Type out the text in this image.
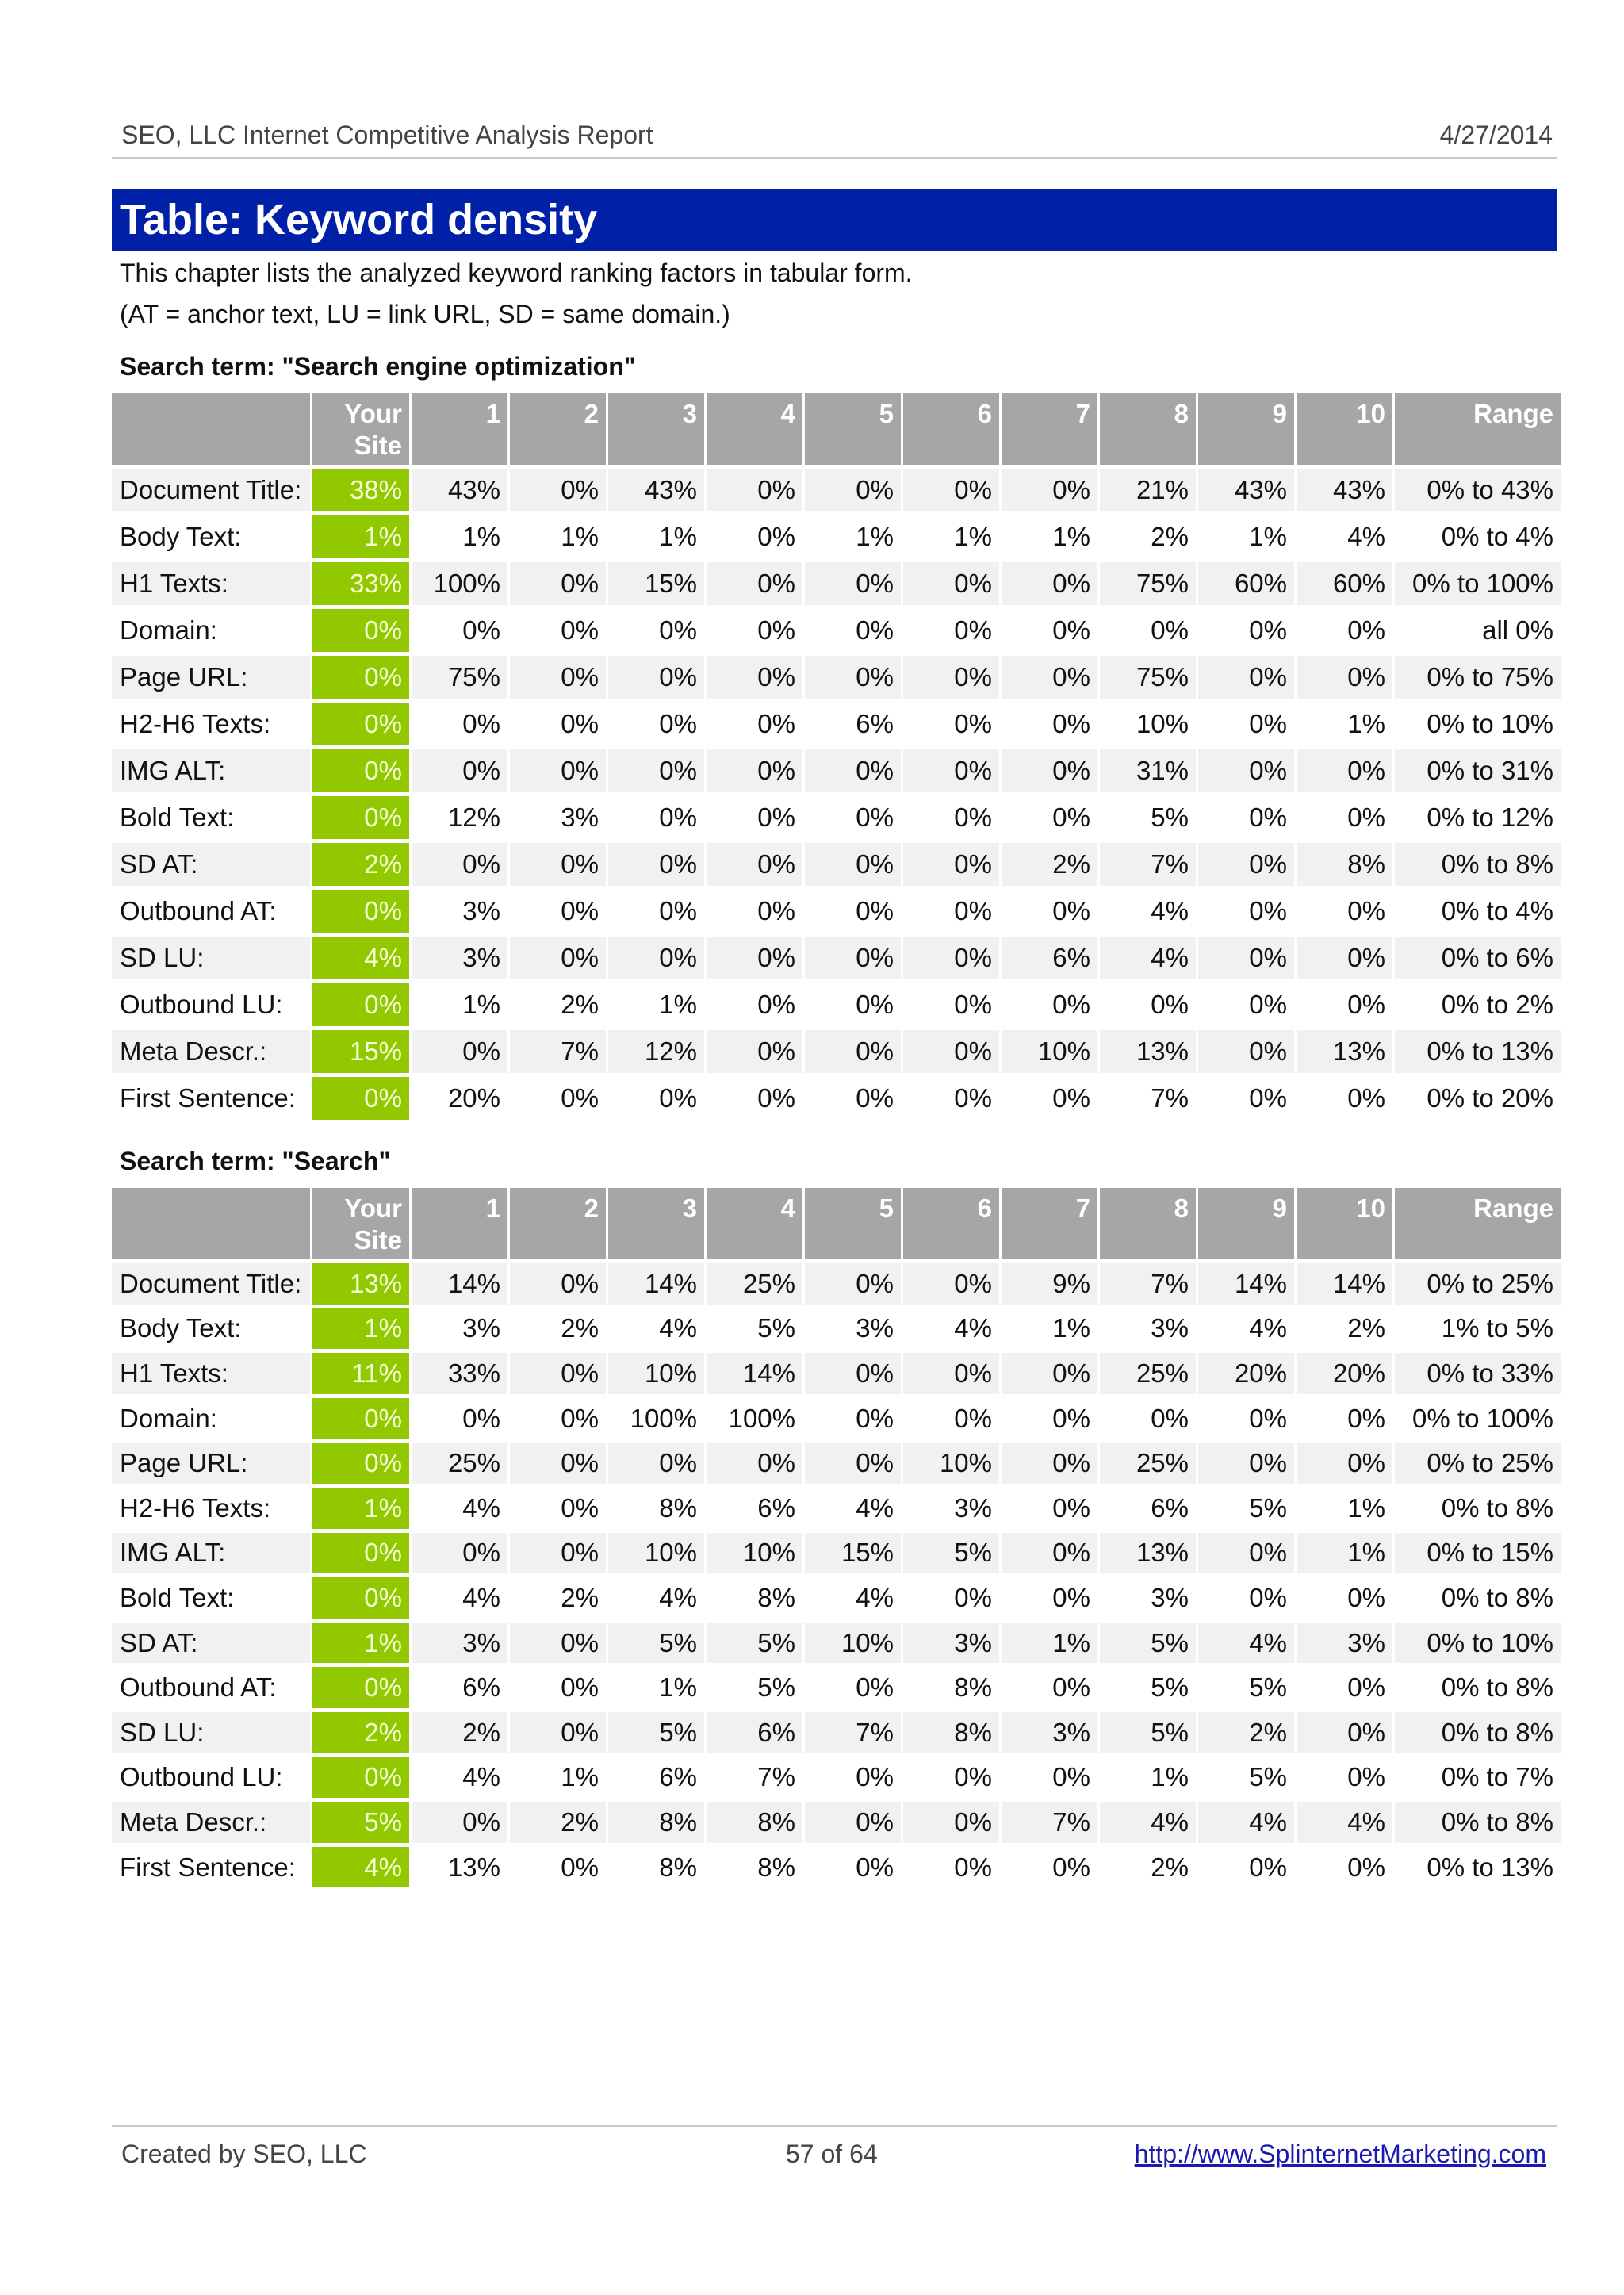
SEO, LLC Internet Competitive Analysis Report	4/27/2014
Table: Keyword density
This chapter lists the analyzed keyword ranking factors in tabular form.
(AT = anchor text, LU = link URL, SD = same domain.)
Search term: "Search engine optimization"
	Your Site	1	2	3	4	5	6	7	8	9	10	Range
Document Title:	38%	43%	0%	43%	0%	0%	0%	0%	21%	43%	43%	0% to 43%
Body Text:	1%	1%	1%	1%	0%	1%	1%	1%	2%	1%	4%	0% to 4%
H1 Texts:	33%	100%	0%	15%	0%	0%	0%	0%	75%	60%	60%	0% to 100%
Domain:	0%	0%	0%	0%	0%	0%	0%	0%	0%	0%	0%	all 0%
Page URL:	0%	75%	0%	0%	0%	0%	0%	0%	75%	0%	0%	0% to 75%
H2-H6 Texts:	0%	0%	0%	0%	0%	6%	0%	0%	10%	0%	1%	0% to 10%
IMG ALT:	0%	0%	0%	0%	0%	0%	0%	0%	31%	0%	0%	0% to 31%
Bold Text:	0%	12%	3%	0%	0%	0%	0%	0%	5%	0%	0%	0% to 12%
SD AT:	2%	0%	0%	0%	0%	0%	0%	2%	7%	0%	8%	0% to 8%
Outbound AT:	0%	3%	0%	0%	0%	0%	0%	0%	4%	0%	0%	0% to 4%
SD LU:	4%	3%	0%	0%	0%	0%	0%	6%	4%	0%	0%	0% to 6%
Outbound LU:	0%	1%	2%	1%	0%	0%	0%	0%	0%	0%	0%	0% to 2%
Meta Descr.:	15%	0%	7%	12%	0%	0%	0%	10%	13%	0%	13%	0% to 13%
First Sentence:	0%	20%	0%	0%	0%	0%	0%	0%	7%	0%	0%	0% to 20%
Search term: "Search"
	Your Site	1	2	3	4	5	6	7	8	9	10	Range
Document Title:	13%	14%	0%	14%	25%	0%	0%	9%	7%	14%	14%	0% to 25%
Body Text:	1%	3%	2%	4%	5%	3%	4%	1%	3%	4%	2%	1% to 5%
H1 Texts:	11%	33%	0%	10%	14%	0%	0%	0%	25%	20%	20%	0% to 33%
Domain:	0%	0%	0%	100%	100%	0%	0%	0%	0%	0%	0%	0% to 100%
Page URL:	0%	25%	0%	0%	0%	0%	10%	0%	25%	0%	0%	0% to 25%
H2-H6 Texts:	1%	4%	0%	8%	6%	4%	3%	0%	6%	5%	1%	0% to 8%
IMG ALT:	0%	0%	0%	10%	10%	15%	5%	0%	13%	0%	1%	0% to 15%
Bold Text:	0%	4%	2%	4%	8%	4%	0%	0%	3%	0%	0%	0% to 8%
SD AT:	1%	3%	0%	5%	5%	10%	3%	1%	5%	4%	3%	0% to 10%
Outbound AT:	0%	6%	0%	1%	5%	0%	8%	0%	5%	5%	0%	0% to 8%
SD LU:	2%	2%	0%	5%	6%	7%	8%	3%	5%	2%	0%	0% to 8%
Outbound LU:	0%	4%	1%	6%	7%	0%	0%	0%	1%	5%	0%	0% to 7%
Meta Descr.:	5%	0%	2%	8%	8%	0%	0%	7%	4%	4%	4%	0% to 8%
First Sentence:	4%	13%	0%	8%	8%	0%	0%	0%	2%	0%	0%	0% to 13%
Created by SEO, LLC	57 of 64	http://www.SplinternetMarketing.com
